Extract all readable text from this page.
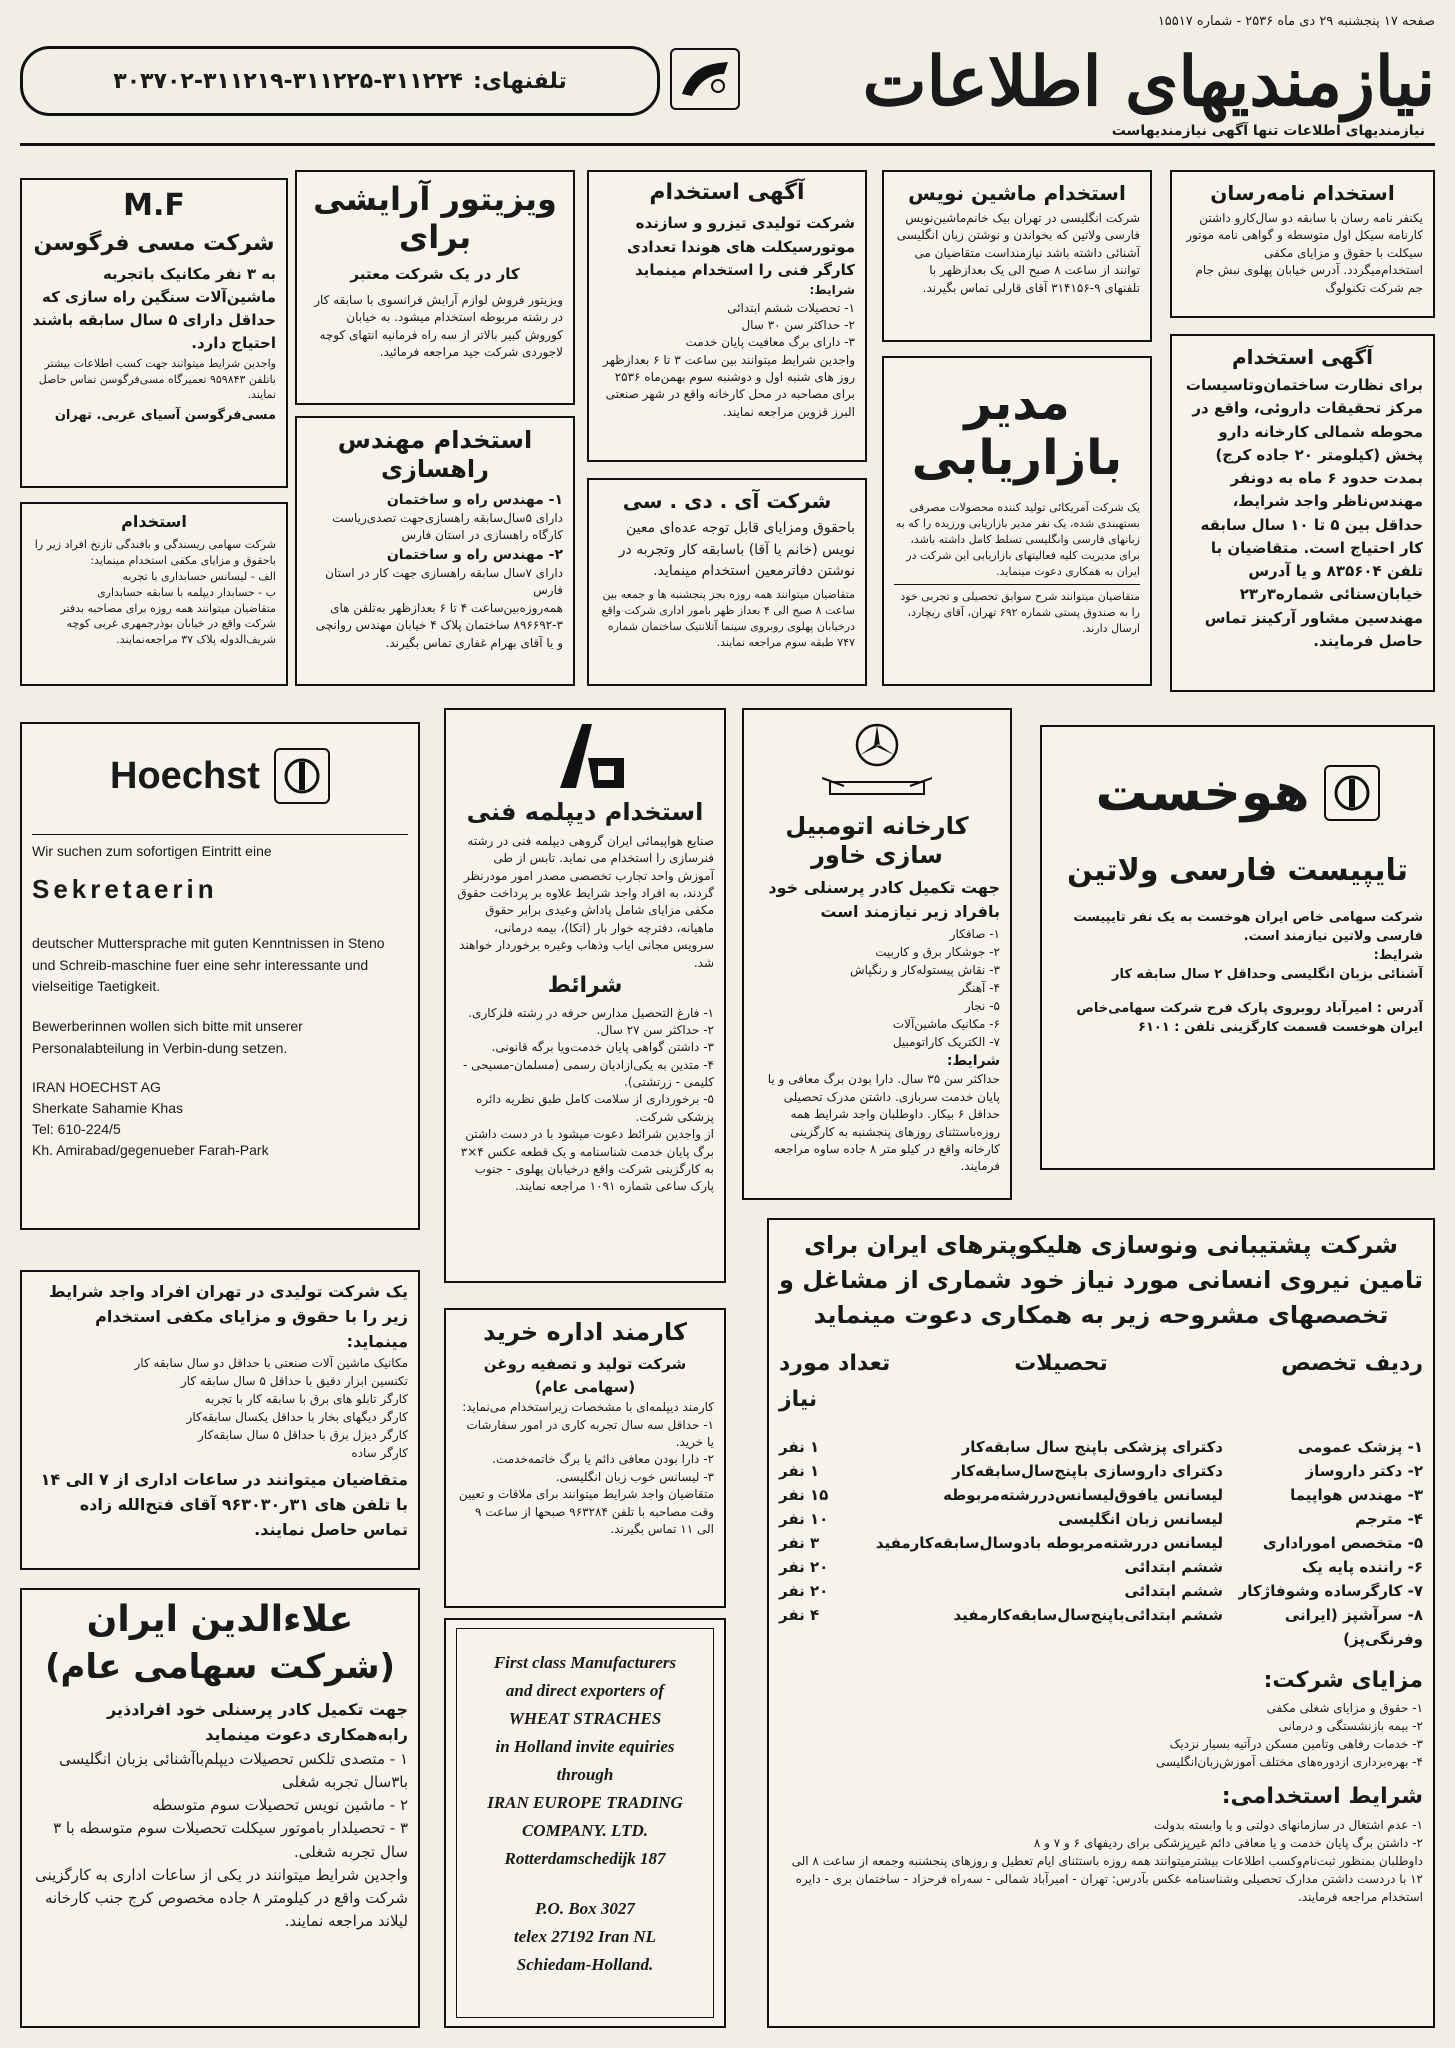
صفحه ۱۷ پنجشنبه ۲۹ دی ماه ۲۵۳۶ - شماره ۱۵۵۱۷
نیازمندیهای اطلاعات
نیازمندیهای اطلاعات تنها آگهی نیازمندیهاست
تلفنهای:
۳۰۳۷۰۲-۳۱۱۲۱۹-۳۱۱۲۲۵-۳۱۱۲۲۴
استخدام نامه‌رسان

یکنفر نامه رسان با سابقه دو سال‌کارو داشتن کارنامه سیکل اول متوسطه و گواهی نامه موتور سیکلت با حقوق و مزایای مکفی استخدام‌میگردد. آدرس خیابان پهلوی نبش جام جم شرکت تکنولوگ

آگهی استخدام

برای نظارت ساختمان‌وتاسیسات مرکز تحقیقات داروئی، واقع در محوطه شمالی کارخانه دارو پخش (کیلومتر ۲۰ جاده کرج) بمدت حدود ۶ ماه به دونفر مهندس‌ناظر واجد شرایط، حداقل بین ۵ تا ۱۰ سال سابقه کار احتیاج است. متقاضیان با تلفن ۸۳۵۶۰۴ و یا آدرس خیابان‌سنائی شماره۳ر۲۳ مهندسین مشاور آرکینز تماس حاصل فرمایند.

استخدام ماشین نویس

شرکت انگلیسی در تهران بیک خانم‌ماشین‌نویس فارسی ولاتین که بخواندن و نوشتن زبان انگلیسی آشنائی داشته باشد نیازمنداست متقاضیان می توانند از ساعت ۸ صبح الی یک بعدازظهر با تلفنهای ۹-۳۱۴۱۵۶ آقای قارلی تماس بگیرند.

مدیر بازاریابی

یک شرکت آمریکائی تولید کننده محصولات مصرفی بستهبندی شده، یک نفر مدیر بازاریابی ورزیده را که به زبانهای فارسی وانگلیسی تسلط کامل داشته باشد، برای مدیریت کلیه فعالیتهای بازاریابی این شرکت در ایران به همکاری دعوت مینماید.

متقاضیان میتوانند شرح سوابق تحصیلی و تجربی خود را به صندوق پستی شماره ۶۹۲ تهران، آقای ریچارد، ارسال دارند.

آگهی استخدام

شرکت تولیدی تیزرو و سازنده موتورسیکلت های هوندا تعدادی کارگر فنی را استخدام مینماید

شرایط:

۱- تحصیلات ششم ابتدائی

۲- حداکثر سن ۳۰ سال

۳- دارای برگ معافیت پایان خدمت

واجدین شرایط میتوانند بین ساعت ۳ تا ۶ بعدازظهر روز های شنبه اول و دوشنبه سوم بهمن‌ماه ۲۵۳۶ برای مصاحبه در محل کارخانه واقع در شهر صنعتی البرز قزوین مراجعه نمایند.

شرکت آی . دی . سی

باحقوق ومزایای قابل توجه عده‌ای معین نویس (خانم یا آقا) باسابقه کار وتجربه در نوشتن دفاترمعین استخدام مینماید.

متقاضیان میتوانند همه روزه بجز پنجشنبه ها و جمعه بین ساعت ۸ صبح الی ۴ بعداز ظهر بامور اداری شرکت واقع درخیابان پهلوی روبروی سینما آتلانتیک ساختمان شماره ۷۴۷ طبقه سوم مراجعه نمایند.

ویزیتور آرایشی برای

کار در یک شرکت معتبر

ویزیتور فروش لوازم آرایش فرانسوی با سابقه کار در رشته مربوطه استخدام میشود. به خیابان کوروش کبیر بالاتر از سه راه فرمانیه انتهای کوچه لاجوردی شرکت جید مراجعه فرمائید.

استخدام مهندس راهسازی

۱- مهندس راه و ساختمان

دارای ۵سال‌سابقه راهسازی‌جهت تصدی‌ریاست کارگاه راهسازی در استان فارس

۲- مهندس راه و ساختمان

دارای ۷سال سابقه راهسازی جهت کار در استان فارس

همه‌روزه‌بین‌ساعت ۴ تا ۶ بعدازظهر به‌تلفن های ۳-۸۹۶۶۹۲ ساختمان پلاک ۴ خیابان مهندس روانچی و یا آقای بهرام غفاری تماس بگیرند.

M.F
شرکت مسی فرگوسن

به ۳ نفر مکانیک باتجربه ماشین‌آلات سنگین راه سازی که حداقل دارای ۵ سال سابقه باشند احتیاج دارد.

واجدین شرایط میتوانند جهت کسب اطلاعات بیشتر باتلفن ۹۵۹۸۴۳ تعمیرگاه مسی‌فرگوسن تماس حاصل نمایند.

مسی‌فرگوسن آسیای غربی. تهران

استخدام

شرکت سهامی ریسندگی و بافندگی تازنخ افراد زیر را باحقوق و مزایای مکفی استخدام مینماید:

الف - لیسانس حسابداری با تجربه

ب - حسابدار دیپلمه با سابقه حسابداری

متقاضیان میتوانند همه روزه برای مصاحبه بدفتر شرکت واقع در خیابان بوذرجمهری غربی کوچه شریف‌الدوله پلاک ۳۷ مراجعه‌نمایند.

هوخست
تایپیست فارسی ولاتین

شرکت سهامی خاص ایران هوخست به یک نفر تایپیست فارسی ولاتین نیازمند است.

شرایط:

آشنائی بزبان انگلیسی وحداقل ۲ سال سابقه کار

آدرس : امیرآباد روبروی پارک فرح شرکت سهامی‌خاص ایران هوخست قسمت کارگزینی تلفن : ۶۱۰۱

کارخانه اتومبیل سازی خاور

جهت تکمیل کادر پرسنلی خود بافراد زیر نیازمند است

۱- صافکار
۲- جوشکار برق و کاربیت
۳- نقاش پیستوله‌کار و رنگپاش
۴- آهنگر
۵- نجار
۶- مکانیک ماشین‌آلات
۷- الکتریک کاراتومبیل

شرایط:

حداکثر سن ۳۵ سال. دارا بودن برگ معافی و یا پایان خدمت سربازی. داشتن مدرک تحصیلی حداقل ۶ بیکار. داوطلبان واجد شرایط همه روزه‌باستثنای روزهای پنجشنبه به کارگزینی کارخانه واقع در کیلو متر ۸ جاده ساوه مراجعه فرمایند.

استخدام دیپلمه فنی

صنایع هواپیمائی ایران گروهی دیپلمه فنی در رشته فنر‌سازی را استخدام می نماید. تابس از طی آموزش واحد تجارب تخصصی مصدر امور مودرنظر گردند، به افراد واجد شرایط علاوه بر پرداخت حقوق مکفی مزایای شامل پاداش وعیدی برابر حقوق ماهیانه، دفترچه خوار بار (اتکا)، بیمه درمانی، سرویس مجانی ایاب وذهاب وغیره برخوردار خواهند شد.

شرائط

۱- فارغ التحصیل مدارس حرفه در رشته فلزکاری.

۲- حداکثر سن ۲۷ سال.

۳- داشتن گواهی پایان خدمت‌و‌یا برگه قانونی.

۴- متدین به یکی‌ازادیان رسمی (مسلمان-مسیحی - کلیمی - زرتشتی).

۵- برخورداری از سلامت کامل طبق نظریه دائره پزشکی شرکت.

از واجدین شرائط دعوت میشود با در دست داشتن برگ پایان خدمت شناسنامه و یک قطعه عکس ۴×۳ به کارگزینی شرکت واقع درخیابان پهلوی - جنوب پارک ساعی شماره ۱۰۹۱ مراجعه نمایند.

Hoechst

Wir suchen zum sofortigen Eintritt eine

Sekretaerin

deutscher Muttersprache mit guten Kenntnissen in Steno und Schreib-maschine fuer eine sehr interessante und vielseitige Taetigkeit.

Bewerberinnen wollen sich bitte mit unserer Personalabteilung in Verbin-dung setzen.

IRAN HOECHST AG

Sherkate Sahamie Khas

Tel: 610-224/5

Kh. Amirabad/gegenueber Farah-Park

شرکت پشتیبانی ونوسازی هلیکوپترهای ایران برای تامین نیروی انسانی مورد نیاز خود شماری از مشاغل و تخصصهای مشروحه زیر به همکاری دعوت مینماید
ردیف تخصص
تحصیلات
تعداد مورد نیاز
۱- پزشک عمومی
دکترای پزشکی باپنج سال سابقه‌کار
۱ نفر
۲- دکتر داروساز
دکترای داروسازی باپنج‌سال‌سابقه‌کار
۱ نفر
۳- مهندس هواپیما
لیسانس یافوق‌لیسانس‌دررشته‌مربوطه
۱۵ نفر
۴- مترجم
لیسانس زبان انگلیسی
۱۰ نفر
۵- متخصص اموراداری
لیسانس دررشته‌مربوطه بادوسال‌سابقه‌کارمفید
۳ نفر
۶- راننده پایه یک
ششم ابتدائی
۲۰ نفر
۷- کارگرساده وشوفاژکار
ششم ابتدائی
۲۰ نفر
۸- سرآشپز (ایرانی وفرنگی‌پز)
ششم ابتدائی‌باپنج‌سال‌سابقه‌کارمفید
۴ نفر
مزایای شرکت:
۱- حقوق و مزایای شغلی مکفی
۲- بیمه بازنشستگی و درمانی
۳- خدمات رفاهی وتامین مسکن درآتیه بسیار نزدیک
۴- بهره‌برداری ازدوره‌های مختلف آموزش‌زبان‌انگلیسی
شرایط استخدامی:
۱- عدم اشتغال در سازمانهای دولتی و یا وابسته بدولت
۲- داشتن برگ پایان خدمت و یا معافی دائم غیرپزشکی برای ردیفهای ۶ و ۷ و ۸
داوطلبان بمنظور ثبت‌نام‌وکسب اطلاعات بیشترمیتوانند همه روزه باستثنای ایام تعطیل و روزهای پنجشنبه وجمعه از ساعت ۸ الی ۱۲ با دردست داشتن مدارک تحصیلی وشناسنامه عکس بآدرس: تهران - امیرآباد شمالی - سه‌راه فرحزاد - ساختمان بری - دایره استخدام مراجعه فرمایند.
کارمند اداره خرید

شرکت تولید و تصفیه روغن (سهامی عام)

کارمند دیپلمه‌ای با مشخصات زیراستخدام می‌نماید:

۱- حداقل سه سال تجربه کاری در امور سفارشات یا خرید.

۲- دارا بودن معافی دائم یا برگ خاتمه‌خدمت.

۳- لیسانس خوب زبان انگلیسی.

متقاضیان واجد شرایط میتوانند برای ملاقات و تعیین وقت مصاحبه با تلفن ۹۶۳۲۸۴ صبحها از ساعت ۹ الی ۱۱ تماس بگیرند.

First class Manufacturers
and direct exporters of
WHEAT STRACHES
in Holland invite equiries
through
IRAN EUROPE TRADING
COMPANY. LTD.
Rotterdamschedijk 187
P.O. Box 3027
telex 27192 Iran NL
Schiedam-Holland.

یک شرکت تولیدی در تهران افراد واجد شرایط زیر را با حقوق و مزایای مکفی استخدام مینماید:

مکانیک ماشین آلات صنعتی با حداقل دو سال سابقه کار
تکنسین ابزار دقیق با حداقل ۵ سال سابقه کار
کارگر تابلو های برق با سابقه کار با تجربه
کارگر دیگهای بخار با حداقل یکسال سابقه‌کار
کارگر دیزل برق با حداقل ۵ سال سابقه‌کار
کارگر ساده

متقاضیان میتوانند در ساعات اداری از ۷ الی ۱۴ با تلفن های ۳۱ر۹۶۳۰۳۰ آقای فتح‌الله زاده تماس حاصل نمایند.

علاءالدین ایران
(شرکت سهامی عام)

جهت تکمیل کادر پرسنلی خود افرادذیر رابه‌همکاری دعوت مینماید

۱ - متصدی تلکس تحصیلات دیپلم‌باآشنائی بزبان انگلیسی با۳سال تجربه شغلی

۲ - ماشین نویس تحصیلات سوم متوسطه

۳ - تحصیلدار باموتور سیکلت تحصیلات سوم متوسطه با ۳ سال تجربه شغلی.

واجدین شرایط میتوانند در یکی از ساعات اداری به کارگزینی شرکت واقع در کیلومتر ۸ جاده مخصوص کرج جنب کارخانه لیلاند مراجعه نمایند.
